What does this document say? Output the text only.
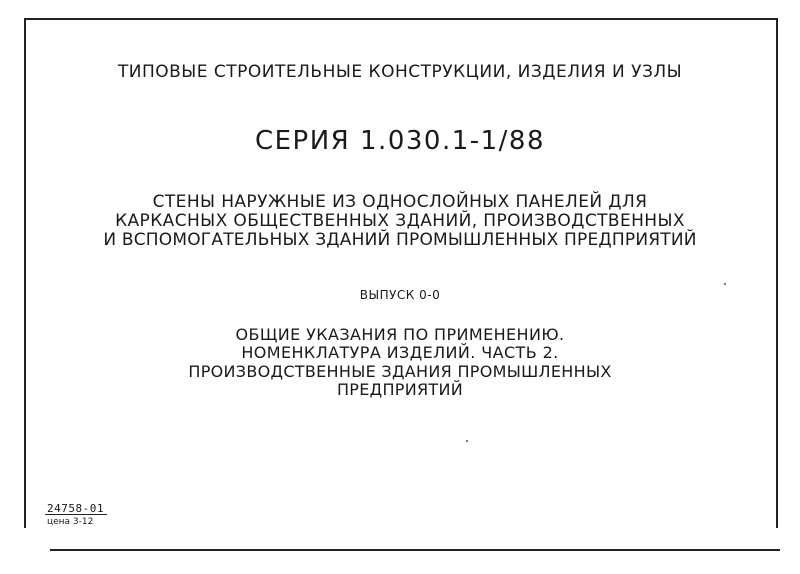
ТИПОВЫЕ СТРОИТЕЛЬНЫЕ КОНСТРУКЦИИ, ИЗДЕЛИЯ И УЗЛЫ
СЕРИЯ 1.030.1-1/88
СТЕНЫ НАРУЖНЫЕ ИЗ ОДНОСЛОЙНЫХ ПАНЕЛЕЙ ДЛЯ
КАРКАСНЫХ ОБЩЕСТВЕННЫХ ЗДАНИЙ, ПРОИЗВОДСТВЕННЫХ
И ВСПОМОГАТЕЛЬНЫХ ЗДАНИЙ ПРОМЫШЛЕННЫХ ПРЕДПРИЯТИЙ
ВЫПУСК 0-0
ОБЩИЕ УКАЗАНИЯ ПО ПРИМЕНЕНИЮ.
НОМЕНКЛАТУРА ИЗДЕЛИЙ. ЧАСТЬ 2.
ПРОИЗВОДСТВЕННЫЕ ЗДАНИЯ ПРОМЫШЛЕННЫХ
ПРЕДПРИЯТИЙ
24758-01
цена 3-12
